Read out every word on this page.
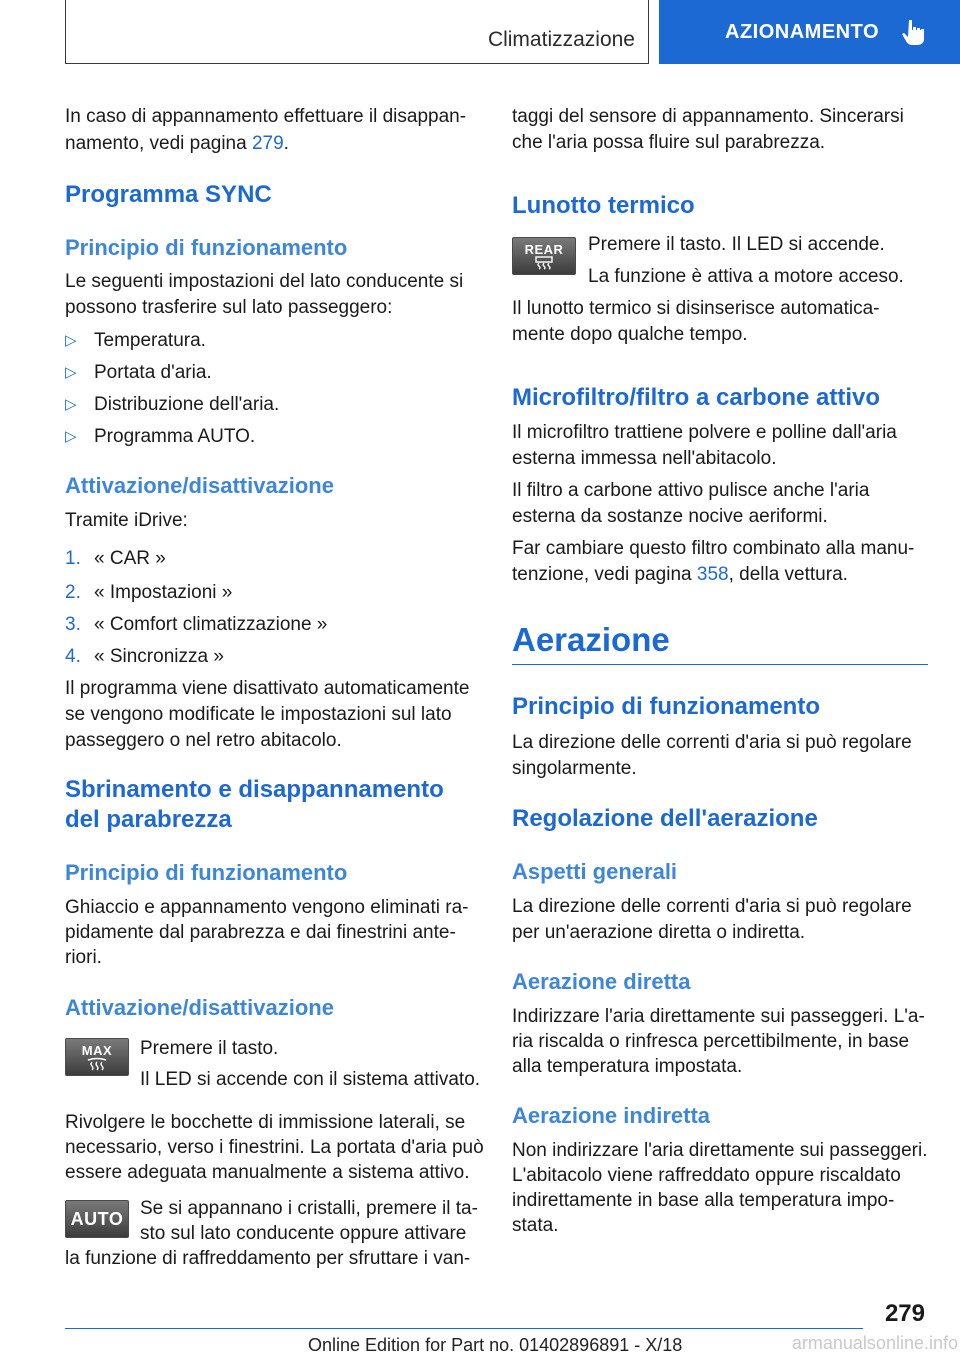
Climatizzazione	AZIONAMENTO

In caso di appannamento effettuare il disappan‐

namento, vedi pagina 279.

Programma SYNC
Principio di funzionamento

Le seguenti impostazioni del lato conducente si

possono trasferire sul lato passeggero:

▷ Temperatura.
▷ Portata d'aria.
▷ Distribuzione dell'aria.
▷ Programma AUTO.
Attivazione/disattivazione

Tramite iDrive:

1. « CAR »
2. « Impostazioni »
3. « Comfort climatizzazione »
4. « Sincronizza »

Il programma viene disattivato automaticamente

se vengono modificate le impostazioni sul lato

passeggero o nel retro abitacolo.

Sbrinamento e disappannamento
del parabrezza
Principio di funzionamento

Ghiaccio e appannamento vengono eliminati ra‐

pidamente dal parabrezza e dai finestrini ante‐

riori.

Attivazione/disattivazione
MAX Premere il tasto.

Il LED si accende con il sistema attivato.

Rivolgere le bocchette di immissione laterali, se

necessario, verso i finestrini. La portata d'aria può

essere adeguata manualmente a sistema attivo.

AUTO Se si appannano i cristalli, premere il ta‐

sto sul lato conducente oppure attivare

la funzione di raffreddamento per sfruttare i van‐

taggi del sensore di appannamento. Sincerarsi

che l'aria possa fluire sul parabrezza.

Lunotto termico
REAR Premere il tasto. Il LED si accende.

La funzione è attiva a motore acceso.

Il lunotto termico si disinserisce automatica‐

mente dopo qualche tempo.

Microfiltro/filtro a carbone attivo

Il microfiltro trattiene polvere e polline dall'aria

esterna immessa nell'abitacolo.

Il filtro a carbone attivo pulisce anche l'aria

esterna da sostanze nocive aeriformi.

Far cambiare questo filtro combinato alla manu‐

tenzione, vedi pagina 358, della vettura.

Aerazione
Principio di funzionamento

La direzione delle correnti d'aria si può regolare

singolarmente.

Regolazione dell'aerazione
Aspetti generali

La direzione delle correnti d'aria si può regolare

per un'aerazione diretta o indiretta.

Aerazione diretta

Indirizzare l'aria direttamente sui passeggeri. L'a‐

ria riscalda o rinfresca percettibilmente, in base

alla temperatura impostata.

Aerazione indiretta

Non indirizzare l'aria direttamente sui passeggeri.

L'abitacolo viene raffreddato oppure riscaldato

indirettamente in base alla temperatura impo‐

stata.

279
Online Edition for Part no. 01402896891 - X/18	armanualsonline.info
